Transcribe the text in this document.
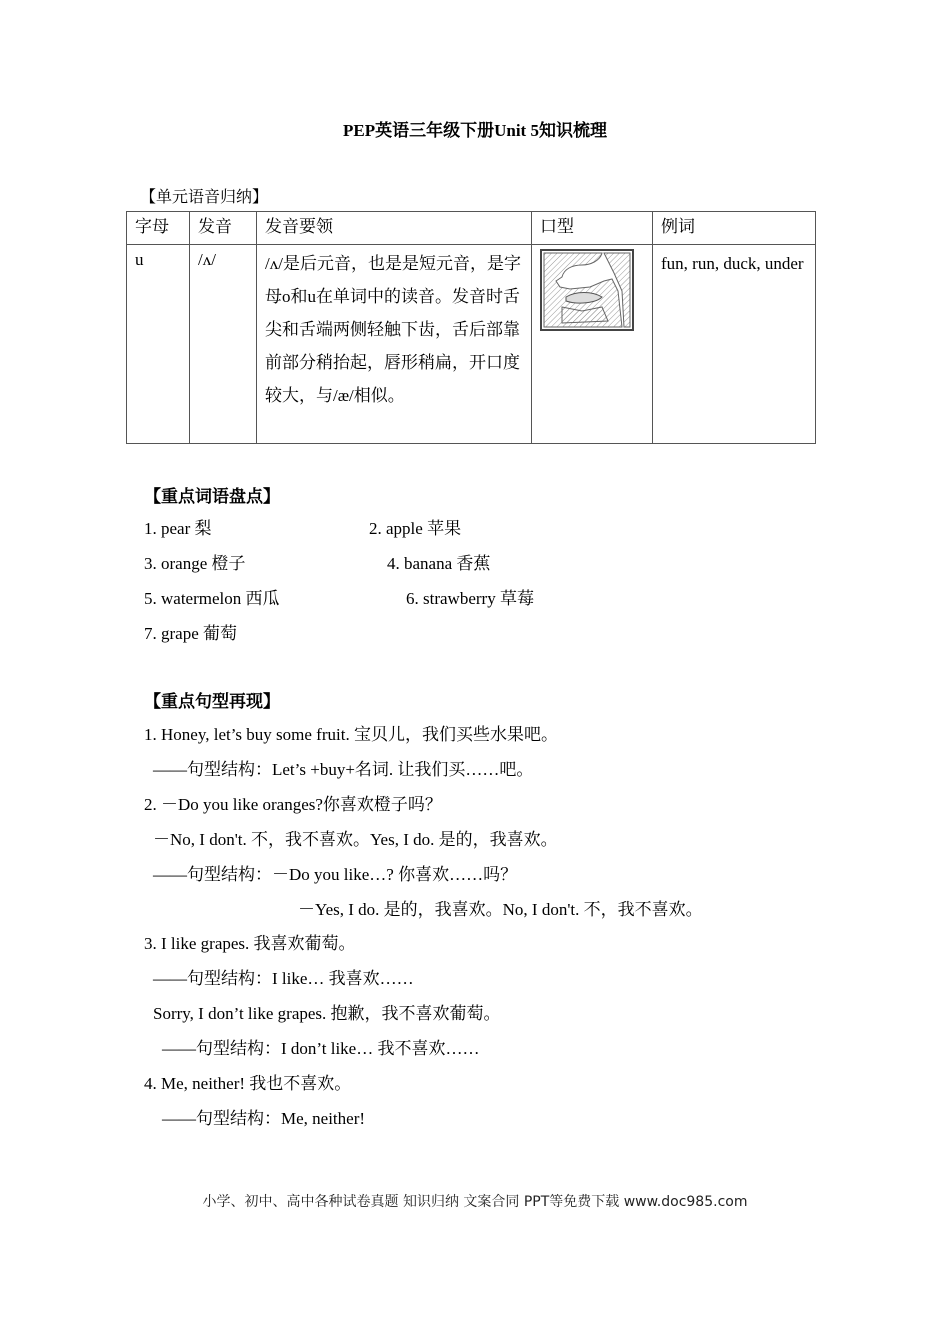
PEP英语三年级下册Unit 5知识梳理
【单元语音归纳】
字母	发音	发音要领	口型	例词
u	/ʌ/	/ʌ/是后元音，也是是短元音，是字母o和u在单词中的读音。发音时舌尖和舌端两侧轻触下齿，舌后部靠前部分稍抬起，唇形稍扁，开口度较大，与/æ/相似。		fun, run, duck, under
【重点词语盘点】
1. pear 梨	2. apple 苹果
3. orange 橙子	4. banana 香蕉
5. watermelon 西瓜	6. strawberry 草莓
7. grape 葡萄
【重点句型再现】
1. Honey, let’s buy some fruit. 宝贝儿，我们买些水果吧。
——句型结构：Let’s +buy+名词. 让我们买……吧。
2. －Do you like oranges?你喜欢橙子吗？
－No, I don't. 不，我不喜欢。Yes, I do. 是的，我喜欢。
——句型结构：－Do you like…? 你喜欢……吗？
－Yes, I do. 是的，我喜欢。No, I don't. 不，我不喜欢。
3. I like grapes. 我喜欢葡萄。
——句型结构：I like… 我喜欢……
Sorry, I don’t like grapes. 抱歉，我不喜欢葡萄。
——句型结构：I don’t like… 我不喜欢……
4. Me, neither! 我也不喜欢。
——句型结构：Me, neither!
小学、初中、高中各种试卷真题 知识归纳 文案合同 PPT等免费下载 www.doc985.com
